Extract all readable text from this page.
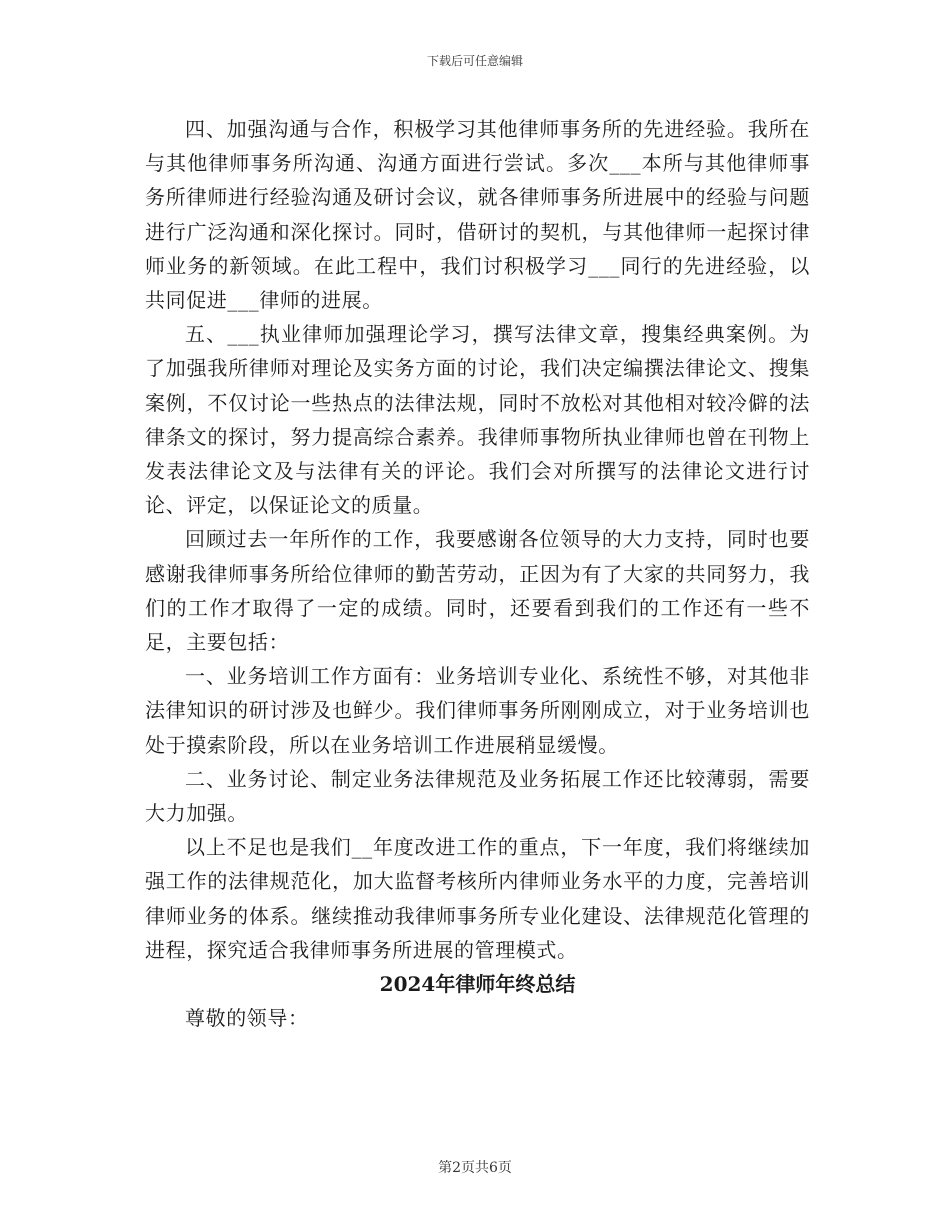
下载后可任意编辑

四、加强沟通与合作，积极学习其他律师事务所的先进经验。我所在与其他律师事务所沟通、沟通方面进行尝试。多次___本所与其他律师事务所律师进行经验沟通及研讨会议，就各律师事务所进展中的经验与问题进行广泛沟通和深化探讨。同时，借研讨的契机，与其他律师一起探讨律师业务的新领域。在此工程中，我们讨积极学习___同行的先进经验，以共同促进___律师的进展。

五、___执业律师加强理论学习，撰写法律文章，搜集经典案例。为了加强我所律师对理论及实务方面的讨论，我们决定编撰法律论文、搜集案例，不仅讨论一些热点的法律法规，同时不放松对其他相对较冷僻的法律条文的探讨，努力提高综合素养。我律师事物所执业律师也曾在刊物上发表法律论文及与法律有关的评论。我们会对所撰写的法律论文进行讨论、评定，以保证论文的质量。

回顾过去一年所作的工作，我要感谢各位领导的大力支持，同时也要感谢我律师事务所给位律师的勤苦劳动，正因为有了大家的共同努力，我们的工作才取得了一定的成绩。同时，还要看到我们的工作还有一些不足，主要包括：

一、业务培训工作方面有：业务培训专业化、系统性不够，对其他非法律知识的研讨涉及也鲜少。我们律师事务所刚刚成立，对于业务培训也处于摸索阶段，所以在业务培训工作进展稍显缓慢。

二、业务讨论、制定业务法律规范及业务拓展工作还比较薄弱，需要大力加强。

以上不足也是我们__年度改进工作的重点，下一年度，我们将继续加强工作的法律规范化，加大监督考核所内律师业务水平的力度，完善培训律师业务的体系。继续推动我律师事务所专业化建设、法律规范化管理的进程，探究适合我律师事务所进展的管理模式。

2024年律师年终总结

尊敬的领导：

第2页共6页
